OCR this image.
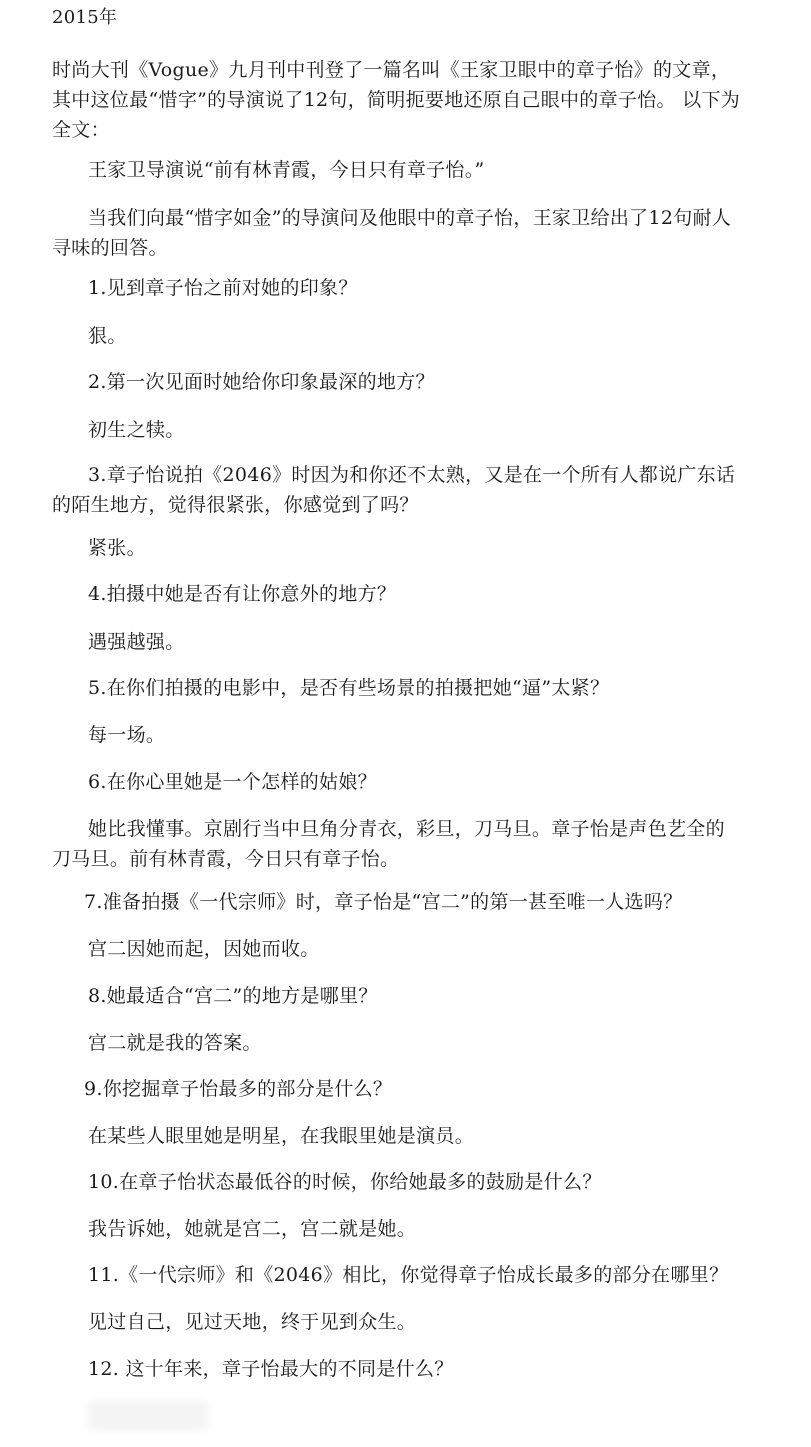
2015年
时尚大刊《Vogue》九月刊中刊登了一篇名叫《王家卫眼中的章子怡》的文章，
其中这位最“惜字”的导演说了12句，简明扼要地还原自己眼中的章子怡。 以下为
全文：
王家卫导演说“前有林青霞，今日只有章子怡。”
当我们向最“惜字如金”的导演问及他眼中的章子怡，王家卫给出了12句耐人
寻味的回答。
1.见到章子怡之前对她的印象？
狠。
2.第一次见面时她给你印象最深的地方？
初生之犊。
3.章子怡说拍《2046》时因为和你还不太熟，又是在一个所有人都说广东话
的陌生地方，觉得很紧张，你感觉到了吗？
紧张。
4.拍摄中她是否有让你意外的地方？
遇强越强。
5.在你们拍摄的电影中，是否有些场景的拍摄把她“逼”太紧？
每一场。
6.在你心里她是一个怎样的姑娘？
她比我懂事。京剧行当中旦角分青衣，彩旦，刀马旦。章子怡是声色艺全的
刀马旦。前有林青霞，今日只有章子怡。
7.准备拍摄《一代宗师》时，章子怡是“宫二”的第一甚至唯一人选吗？
宫二因她而起，因她而收。
8.她最适合“宫二”的地方是哪里？
宫二就是我的答案。
9.你挖掘章子怡最多的部分是什么？
在某些人眼里她是明星，在我眼里她是演员。
10.在章子怡状态最低谷的时候，你给她最多的鼓励是什么？
我告诉她，她就是宫二，宫二就是她。
11.《一代宗师》和《2046》相比，你觉得章子怡成长最多的部分在哪里？
见过自己，见过天地，终于见到众生。
12. 这十年来，章子怡最大的不同是什么？
